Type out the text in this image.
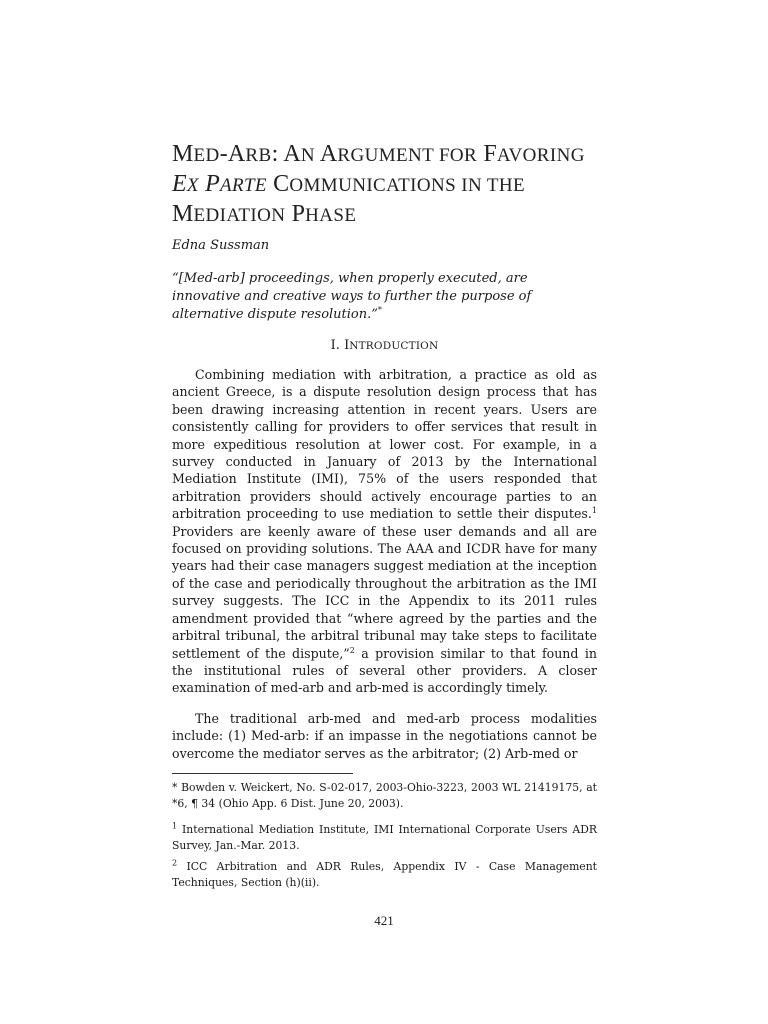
MED-ARB: AN ARGUMENT FOR FAVORING
EX PARTE COMMUNICATIONS IN THE
MEDIATION PHASE

Edna Sussman

“[Med-arb] proceedings, when properly executed, are innovative and creative ways to further the purpose of alternative dispute resolution.”*

I. INTRODUCTION

Combining mediation with arbitration, a practice as old as ancient Greece, is a dispute resolution design process that has been drawing increasing attention in recent years. Users are consistently calling for providers to offer services that result in more expeditious resolution at lower cost. For example, in a survey conducted in January of 2013 by the International Mediation Institute (IMI), 75% of the users responded that arbitration providers should actively encourage parties to an arbitration proceeding to use mediation to settle their disputes.$^1$ Providers are keenly aware of these user demands and all are focused on providing solutions. The AAA and ICDR have for many years had their case managers suggest mediation at the inception of the case and periodically throughout the arbitration as the IMI survey suggests. The ICC in the Appendix to its 2011 rules amendment provided that “where agreed by the parties and the arbitral tribunal, the arbitral tribunal may take steps to facilitate settlement of the dispute,”$^2$ a provision similar to that found in the institutional rules of several other providers. A closer examination of med-arb and arb-med is accordingly timely.

The traditional arb-med and med-arb process modalities include: (1) Med-arb: if an impasse in the negotiations cannot be overcome the mediator serves as the arbitrator; (2) Arb-med or

* Bowden v. Weickert, No. S-02-017, 2003-Ohio-3223, 2003 WL 21419175, at *6, ¶ 34 (Ohio App. 6 Dist. June 20, 2003).

$^1$ International Mediation Institute, IMI International Corporate Users ADR Survey, Jan.-Mar. 2013.

$^2$ ICC Arbitration and ADR Rules, Appendix IV - Case Management Techniques, Section (h)(ii).

421
